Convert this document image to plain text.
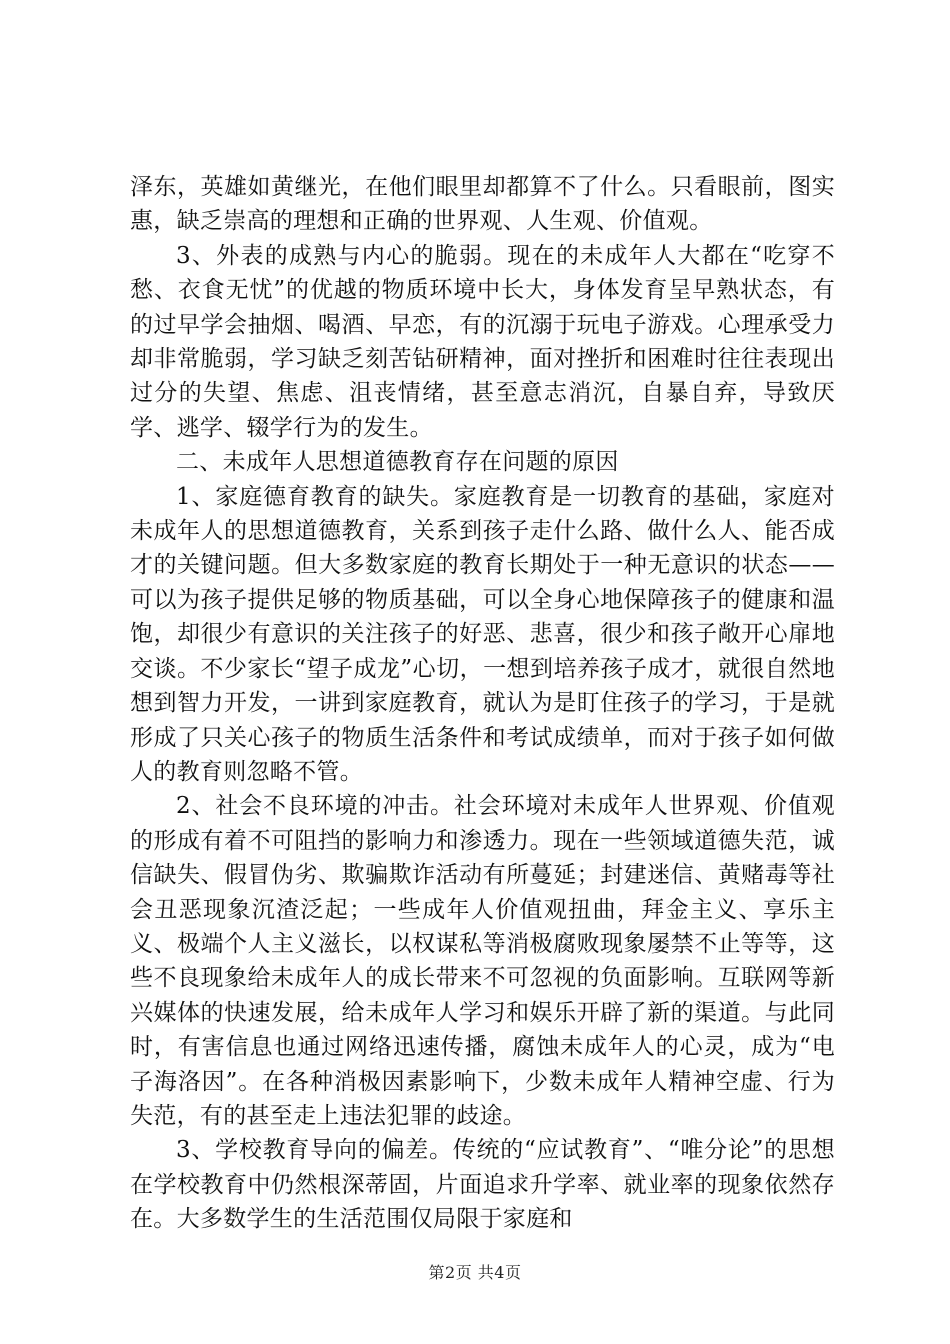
泽东，英雄如黄继光，在他们眼里却都算不了什么。只看眼前，图实惠，缺乏崇高的理想和正确的世界观、人生观、价值观。

3、外表的成熟与内心的脆弱。现在的未成年人大都在“吃穿不愁、衣食无忧”的优越的物质环境中长大，身体发育呈早熟状态，有的过早学会抽烟、喝酒、早恋，有的沉溺于玩电子游戏。心理承受力却非常脆弱，学习缺乏刻苦钻研精神，面对挫折和困难时往往表现出过分的失望、焦虑、沮丧情绪，甚至意志消沉，自暴自弃，导致厌学、逃学、辍学行为的发生。

二、未成年人思想道德教育存在问题的原因

1、家庭德育教育的缺失。家庭教育是一切教育的基础，家庭对未成年人的思想道德教育，关系到孩子走什么路、做什么人、能否成才的关键问题。但大多数家庭的教育长期处于一种无意识的状态——可以为孩子提供足够的物质基础，可以全身心地保障孩子的健康和温饱，却很少有意识的关注孩子的好恶、悲喜，很少和孩子敞开心扉地交谈。不少家长“望子成龙”心切，一想到培养孩子成才，就很自然地想到智力开发，一讲到家庭教育，就认为是盯住孩子的学习，于是就形成了只关心孩子的物质生活条件和考试成绩单，而对于孩子如何做人的教育则忽略不管。

2、社会不良环境的冲击。社会环境对未成年人世界观、价值观的形成有着不可阻挡的影响力和渗透力。现在一些领域道德失范，诚信缺失、假冒伪劣、欺骗欺诈活动有所蔓延；封建迷信、黄赌毒等社会丑恶现象沉渣泛起；一些成年人价值观扭曲，拜金主义、享乐主义、极端个人主义滋长，以权谋私等消极腐败现象屡禁不止等等，这些不良现象给未成年人的成长带来不可忽视的负面影响。互联网等新兴媒体的快速发展，给未成年人学习和娱乐开辟了新的渠道。与此同时，有害信息也通过网络迅速传播，腐蚀未成年人的心灵，成为“电子海洛因”。在各种消极因素影响下，少数未成年人精神空虚、行为失范，有的甚至走上违法犯罪的歧途。

3、学校教育导向的偏差。传统的“应试教育”、“唯分论”的思想在学校教育中仍然根深蒂固，片面追求升学率、就业率的现象依然存在。大多数学生的生活范围仅局限于家庭和

第2页 共4页
